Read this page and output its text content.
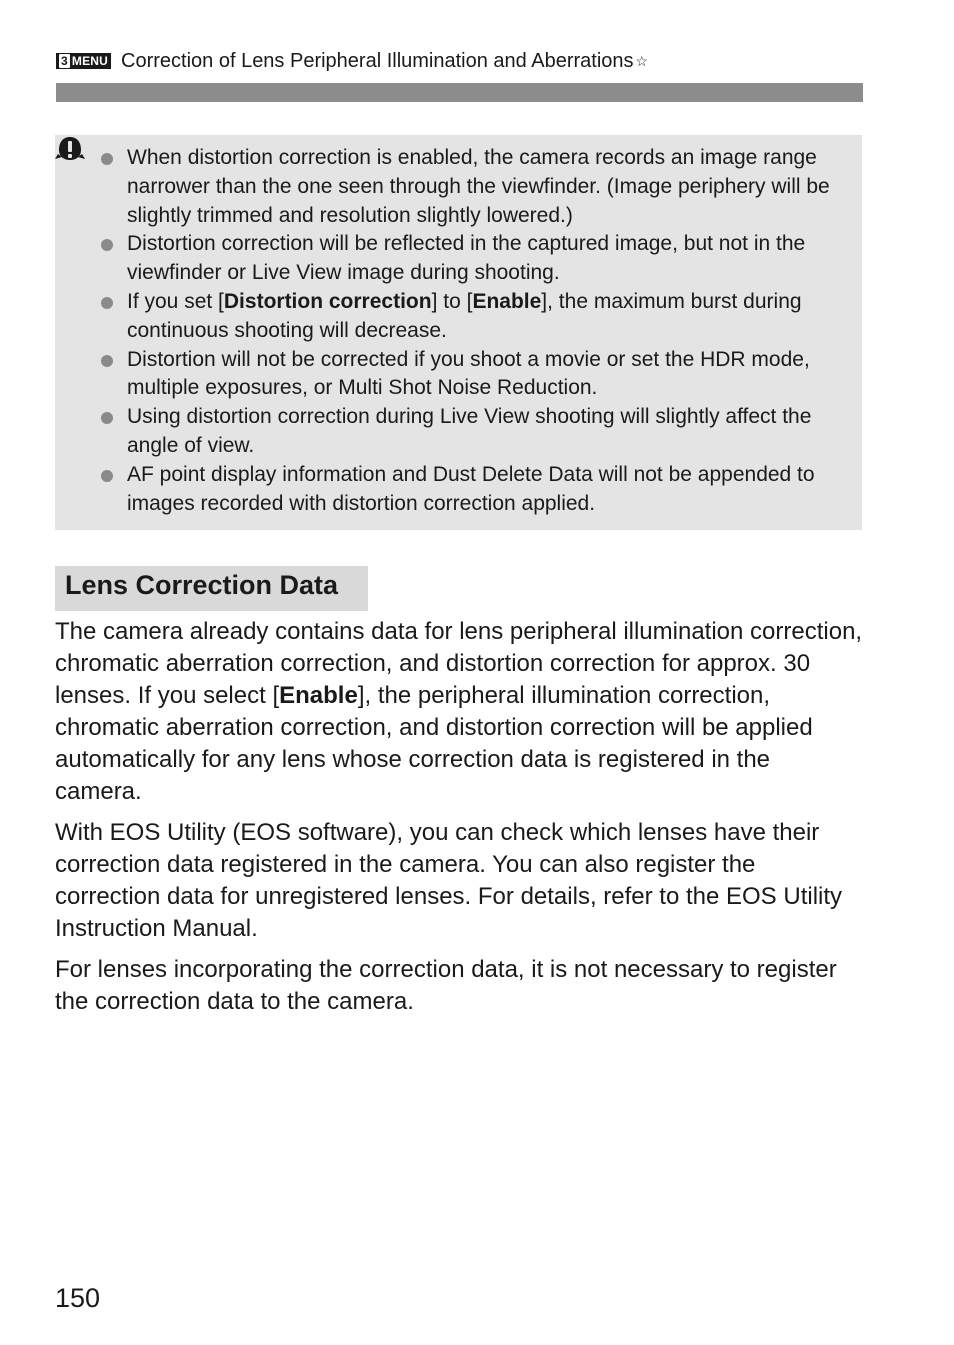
3 MENU Correction of Lens Peripheral Illumination and Aberrations ☆
When distortion correction is enabled, the camera records an image range narrower than the one seen through the viewfinder. (Image periphery will be slightly trimmed and resolution slightly lowered.)
Distortion correction will be reflected in the captured image, but not in the viewfinder or Live View image during shooting.
If you set [Distortion correction] to [Enable], the maximum burst during continuous shooting will decrease.
Distortion will not be corrected if you shoot a movie or set the HDR mode, multiple exposures, or Multi Shot Noise Reduction.
Using distortion correction during Live View shooting will slightly affect the angle of view.
AF point display information and Dust Delete Data will not be appended to images recorded with distortion correction applied.
Lens Correction Data

The camera already contains data for lens peripheral illumination correction, chromatic aberration correction, and distortion correction for approx. 30 lenses. If you select [Enable], the peripheral illumination correction, chromatic aberration correction, and distortion correction will be applied automatically for any lens whose correction data is registered in the camera.

With EOS Utility (EOS software), you can check which lenses have their correction data registered in the camera. You can also register the correction data for unregistered lenses. For details, refer to the EOS Utility Instruction Manual.

For lenses incorporating the correction data, it is not necessary to register the correction data to the camera.

150
